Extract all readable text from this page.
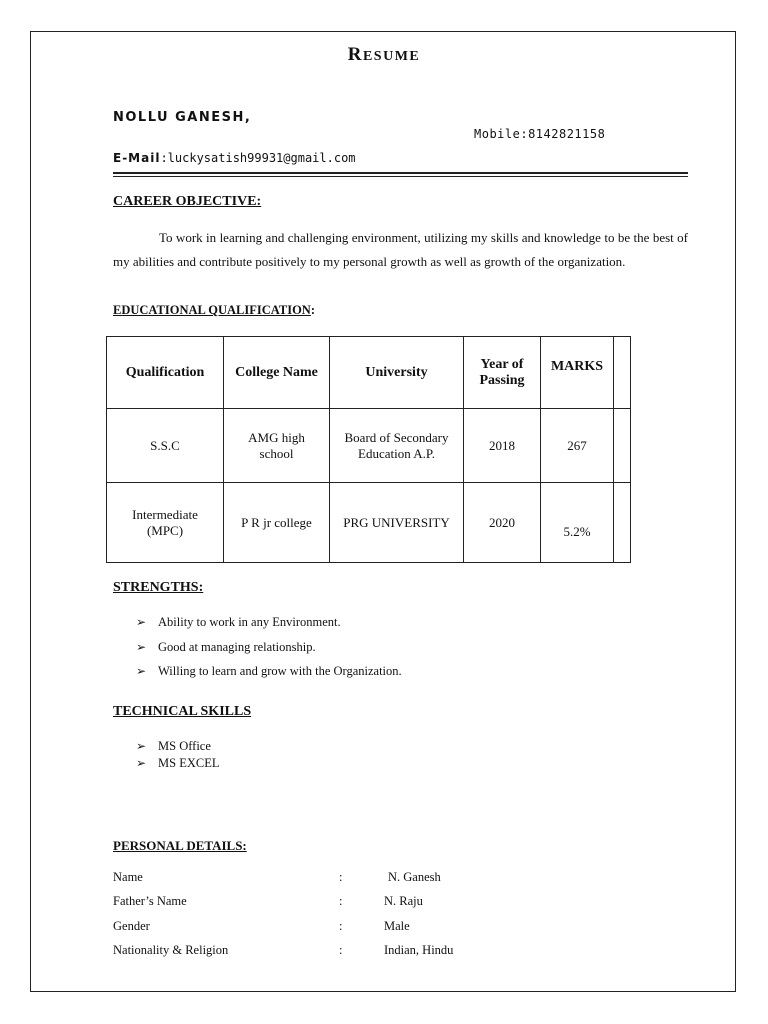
RESUME
NOLLU GANESH,
Mobile:8142821158
E-Mail:luckysatish99931@gmail.com
CAREER OBJECTIVE:
To work in learning and challenging environment, utilizing my skills and knowledge to be the best of my abilities and contribute positively to my personal growth as well as growth of the organization.
EDUCATIONAL QUALIFICATION:
Qualification	College Name	University	Year of Passing	MARKS	
S.S.C	AMG high school	Board of Secondary Education A.P.	2018	267	
Intermediate (MPC)	P R jr college	PRG UNIVERSITY	2020	5.2%	
STRENGTHS:
➢ Ability to work in any Environment.
➢ Good at managing relationship.
➢ Willing to learn and grow with the Organization.
TECHNICAL SKILLS
➢ MS Office
➢ MS EXCEL
PERSONAL DETAILS:
Name	:	N. Ganesh
Father’s Name	:	N. Raju
Gender	:	Male
Nationality & Religion	:	Indian, Hindu
